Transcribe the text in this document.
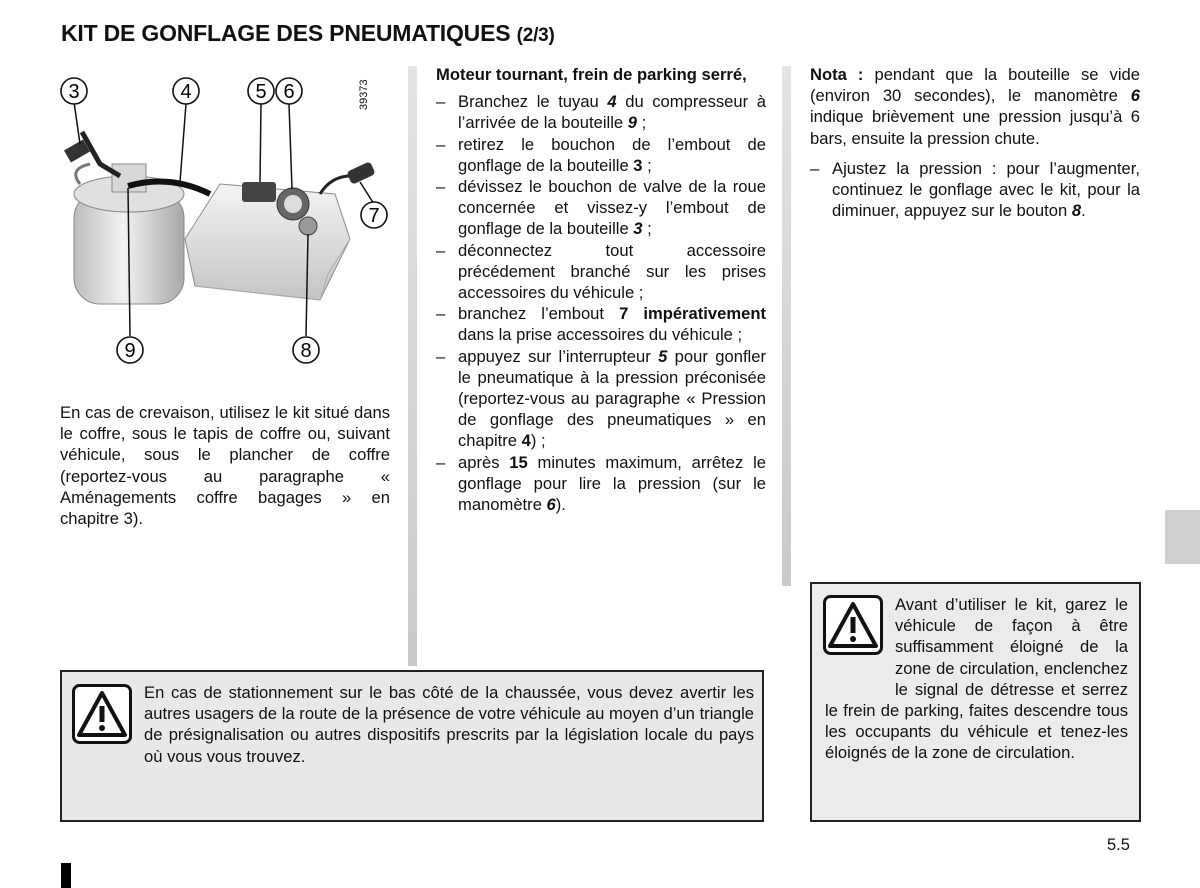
KIT DE GONFLAGE DES PNEUMATIQUES (2/3)
3	4	5 6
7
9	8
39373
En cas de crevaison, utilisez le kit situé dans le coffre, sous le tapis de coffre ou, suivant véhicule, sous le plancher de coffre (reportez-vous au paragraphe « Aménagements coffre bagages » en chapitre 3).

Moteur tournant, frein de parking serré,

– Branchez le tuyau 4 du compresseur à l’arrivée de la bouteille 9 ;
– retirez le bouchon de l’embout de gonflage de la bouteille 3 ;
– dévissez le bouchon de valve de la roue concernée et vissez-y l’embout de gonflage de la bouteille 3 ;
– déconnectez tout accessoire précédement branché sur les prises accessoires du véhicule ;
– branchez l’embout 7 impérativement dans la prise accessoires du véhicule ;
– appuyez sur l’interrupteur 5 pour gonfler le pneumatique à la pression préconisée (reportez-vous au paragraphe « Pression de gonflage des pneumatiques » en chapitre 4) ;
– après 15 minutes maximum, arrêtez le gonflage pour lire la pression (sur le manomètre 6).

Nota : pendant que la bouteille se vide (environ 30 secondes), le manomètre 6 indique brièvement une pression jusqu’à 6 bars, ensuite la pression chute.

– Ajustez la pression : pour l’augmenter, continuez le gonflage avec le kit, pour la diminuer, appuyez sur le bouton 8.
Avant d’utiliser le kit, garez le véhicule de façon à être suffisamment éloigné de la zone de circulation, enclenchez le signal de détresse et serrez le frein de parking, faites descendre tous les occupants du véhicule et tenez-les éloignés de la zone de circulation.
En cas de stationnement sur le bas côté de la chaussée, vous devez avertir les autres usagers de la route de la présence de votre véhicule au moyen d’un triangle de présignalisation ou autres dispositifs prescrits par la législation locale du pays où vous vous trouvez.
5.5
